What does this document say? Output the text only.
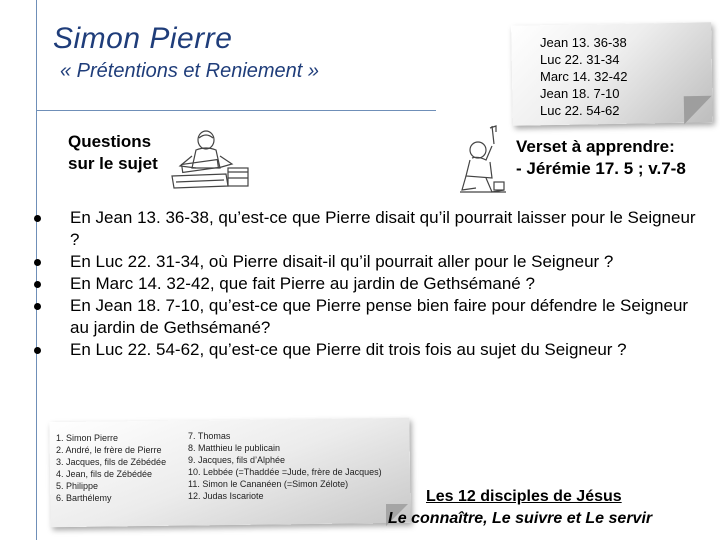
Simon Pierre
« Prétentions et Reniement »
Jean 13. 36-38
Luc 22. 31-34
Marc 14. 32-42
Jean 18. 7-10
Luc 22. 54-62
Questions
sur le sujet
Verset à apprendre:
- Jérémie 17. 5 ; v.7-8
En Jean 13. 36-38, qu’est-ce que Pierre disait qu’il pourrait laisser pour le Seigneur ?
En Luc 22. 31-34, où Pierre disait-il qu’il pourrait aller pour le Seigneur ?
En Marc 14. 32-42, que fait Pierre au jardin de Gethsémané ?
En Jean 18. 7-10, qu’est-ce que Pierre pense bien faire pour défendre le Seigneur au jardin de Gethsémané?
En Luc 22. 54-62, qu’est-ce que Pierre dit trois fois au sujet du Seigneur ?
1. Simon Pierre
2. André, le frère de Pierre
3. Jacques, fils de Zébédée
4. Jean, fils de Zébédée
5. Philippe
6. Barthélemy
7. Thomas
8. Matthieu le publicain
9. Jacques, fils d’Alphée
10. Lebbée (=Thaddée =Jude, frère de Jacques)
11. Simon le Cananéen (=Simon Zélote)
12. Judas Iscariote	Les 12 disciples de Jésus
Le connaître, Le suivre et Le servir
